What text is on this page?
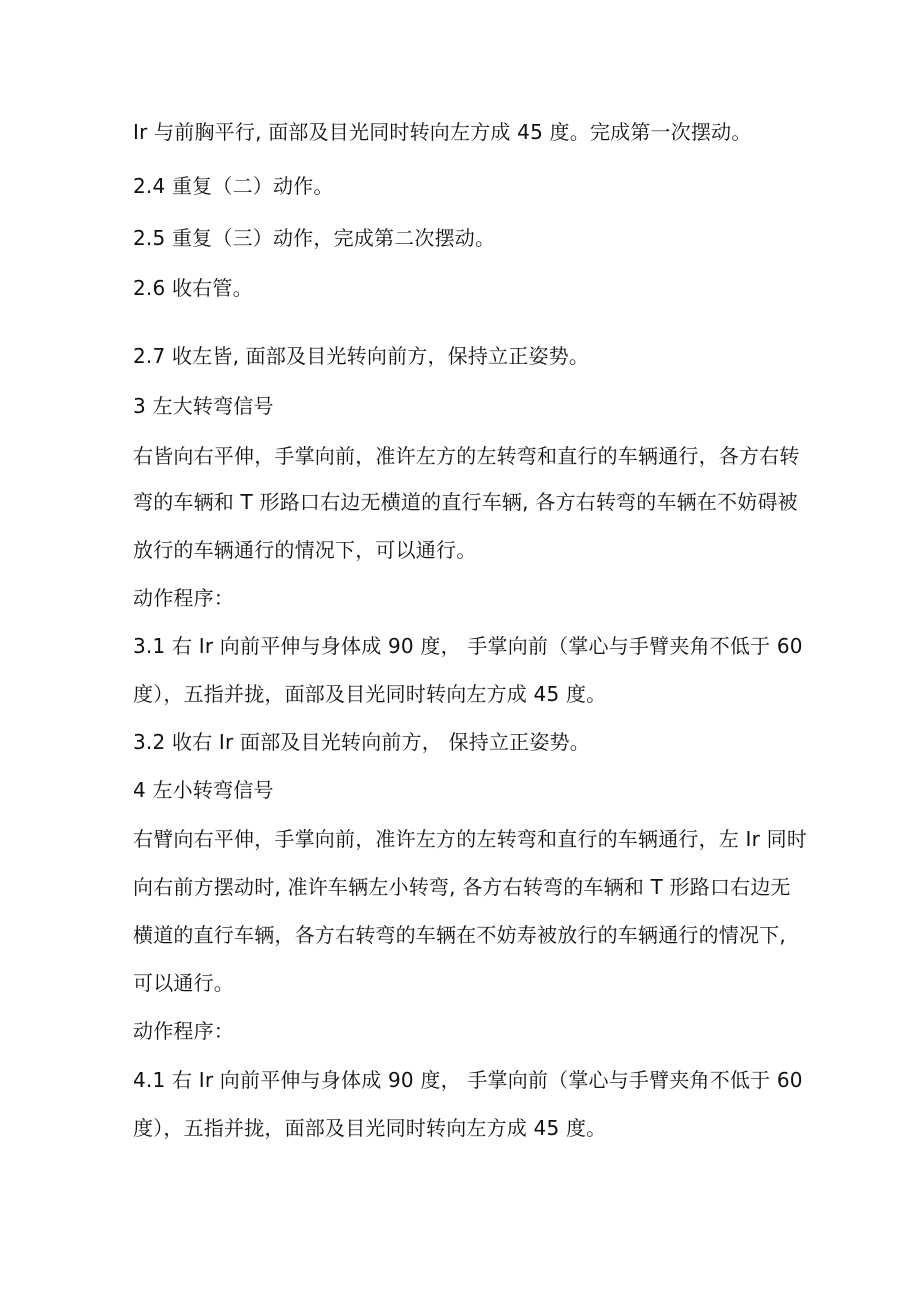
Ir 与前胸平行, 面部及目光同时转向左方成 45 度。完成第一次摆动。

2.4 重复（二）动作。

2.5 重复（三）动作，完成第二次摆动。

2.6 收右管。

2.7 收左皆, 面部及目光转向前方，保持立正姿势。

3 左大转弯信号

右皆向右平伸，手掌向前，准许左方的左转弯和直行的车辆通行，各方右转

弯的车辆和 T 形路口右边无横道的直行车辆, 各方右转弯的车辆在不妨碍被

放行的车辆通行的情况下，可以通行。

动作程序：

3.1 右 Ir 向前平伸与身体成 90 度， 手掌向前（掌心与手臂夹角不低于 60

度），五指并拢，面部及目光同时转向左方成 45 度。

3.2 收右 Ir 面部及目光转向前方， 保持立正姿势。

4 左小转弯信号

右臂向右平伸，手掌向前，准许左方的左转弯和直行的车辆通行，左 Ir 同时

向右前方摆动时, 准许车辆左小转弯, 各方右转弯的车辆和 T 形路口右边无

横道的直行车辆，各方右转弯的车辆在不妨寿被放行的车辆通行的情况下,

可以通行。

动作程序：

4.1 右 Ir 向前平伸与身体成 90 度， 手掌向前（掌心与手臂夹角不低于 60

度），五指并拢，面部及目光同时转向左方成 45 度。
